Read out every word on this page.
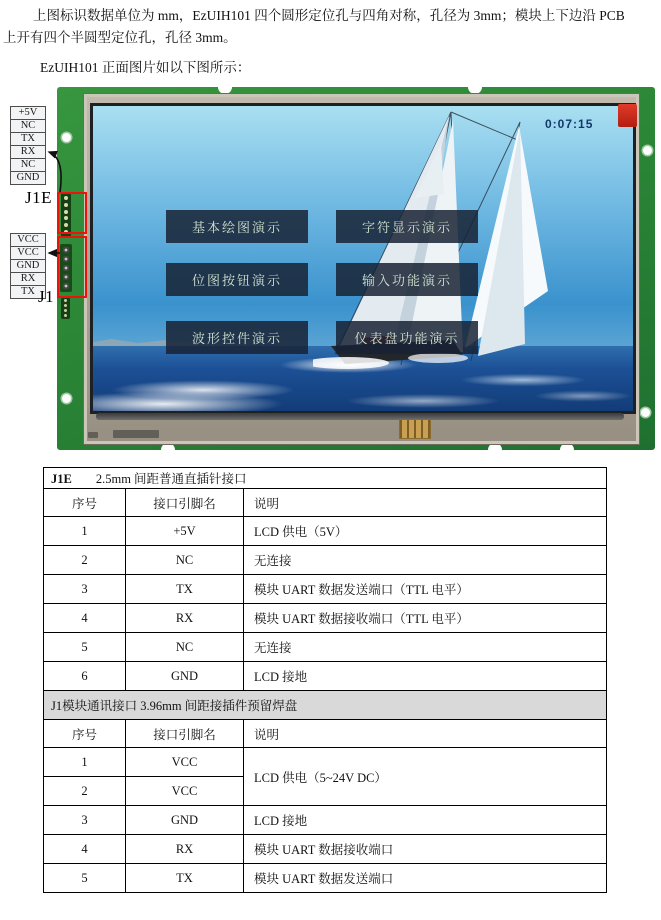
上图标识数据单位为 mm，EzUIH101 四个圆形定位孔与四角对称，孔径为 3mm；模块上下边沿 PCB
上开有四个半圆型定位孔，孔径 3mm。
EzUIH101 正面图片如以下图所示：
0:07:15
基本绘图演示	字符显示演示
位图按钮演示	输入功能演示
波形控件演示	仪表盘功能演示
+5V
NC
TX
RX
NC
GND
J1E
VCC
VCC
GND
RX
TX J1
J1E 2.5mm 间距普通直插针接口		
序号	接口引脚名	说明
1	+5V	LCD 供电（5V）
2	NC	无连接
3	TX	模块 UART 数据发送端口（TTL 电平）
4	RX	模块 UART 数据接收端口（TTL 电平）
5	NC	无连接
6	GND	LCD 接地
J1模块通讯接口 3.96mm 间距接插件预留焊盘		
序号	接口引脚名	说明
1	VCC	LCD 供电（5~24V DC）
2	VCC	
3	GND	LCD 接地
4	RX	模块 UART 数据接收端口
5	TX	模块 UART 数据发送端口
